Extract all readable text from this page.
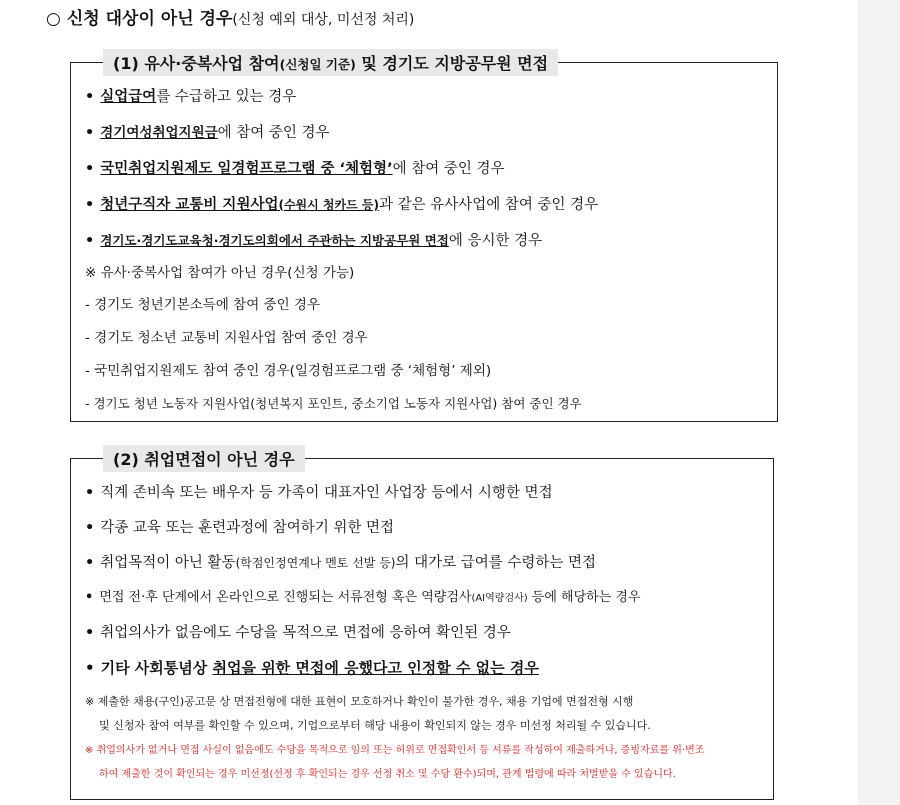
○ 신청 대상이 아닌 경우(신청 예외 대상, 미선정 처리)
(1) 유사·중복사업 참여(신청일 기준) 및 경기도 지방공무원 면접
• 실업급여를 수급하고 있는 경우
• 경기여성취업지원금에 참여 중인 경우
• 국민취업지원제도 일경험프로그램 중 ‘체험형’에 참여 중인 경우
• 청년구직자 교통비 지원사업(수원시 청카드 등)과 같은 유사사업에 참여 중인 경우
• 경기도·경기도교육청·경기도의회에서 주관하는 지방공무원 면접에 응시한 경우
※ 유사·중복사업 참여가 아닌 경우(신청 가능)
- 경기도 청년기본소득에 참여 중인 경우
- 경기도 청소년 교통비 지원사업 참여 중인 경우
- 국민취업지원제도 참여 중인 경우(일경험프로그램 중 ‘체험형’ 제외)
- 경기도 청년 노동자 지원사업(청년복지 포인트, 중소기업 노동자 지원사업) 참여 중인 경우
(2) 취업면접이 아닌 경우
• 직계 존비속 또는 배우자 등 가족이 대표자인 사업장 등에서 시행한 면접
• 각종 교육 또는 훈련과정에 참여하기 위한 면접
• 취업목적이 아닌 활동(학점인정연계나 멘토 선발 등)의 대가로 급여를 수령하는 면접
• 면접 전·후 단계에서 온라인으로 진행되는 서류전형 혹은 역량검사(AI역량검사) 등에 해당하는 경우
• 취업의사가 없음에도 수당을 목적으로 면접에 응하여 확인된 경우
• 기타 사회통념상 취업을 위한 면접에 응했다고 인정할 수 없는 경우
※ 제출한 채용(구인)공고문 상 면접전형에 대한 표현이 모호하거나 확인이 불가한 경우, 채용 기업에 면접전형 시행
및 신청자 참여 여부를 확인할 수 있으며, 기업으로부터 해당 내용이 확인되지 않는 경우 미선정 처리될 수 있습니다.
※ 취업의사가 없거나 면접 사실이 없음에도 수당을 목적으로 임의 또는 허위로 면접확인서 등 서류를 작성하여 제출하거나, 증빙자료를 위·변조
하여 제출한 것이 확인되는 경우 미선정(선정 후 확인되는 경우 선정 취소 및 수당 환수)되며, 관계 법령에 따라 처벌받을 수 있습니다.
